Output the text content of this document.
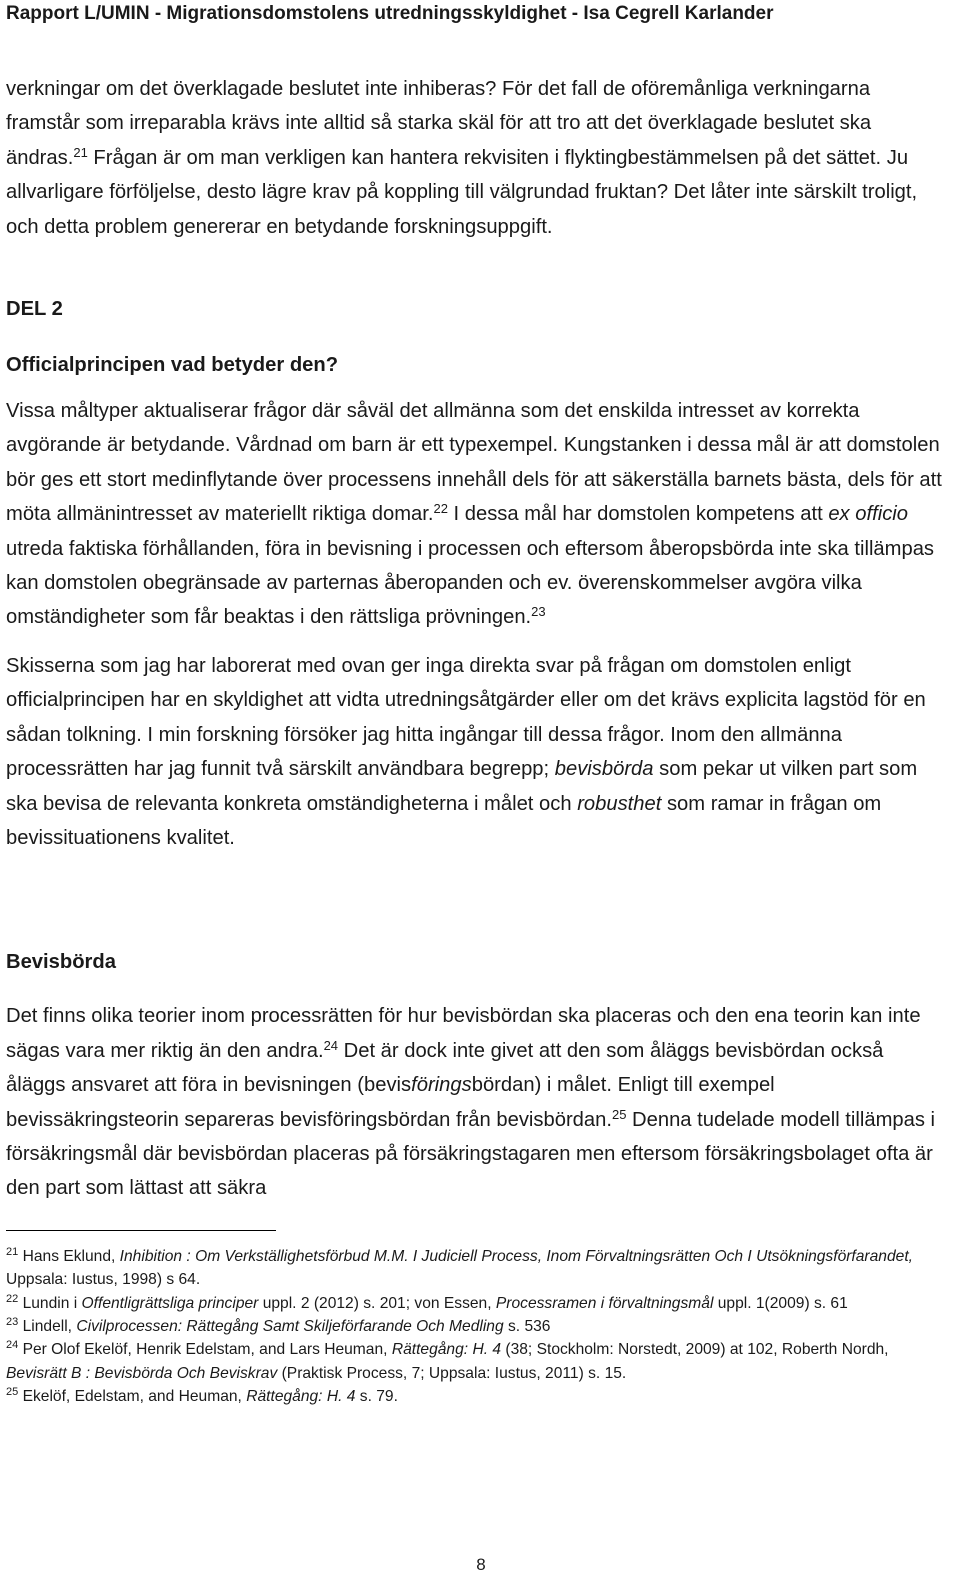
Rapport L/UMIN - Migrationsdomstolens utredningsskyldighet - Isa Cegrell Karlander

verkningar om det överklagade beslutet inte inhiberas? För det fall de oföremånliga verkningarna framstår som irreparabla krävs inte alltid så starka skäl för att tro att det överklagade beslutet ska ändras.$^{21}$ Frågan är om man verkligen kan hantera rekvisiten i flyktingbestämmelsen på det sättet. Ju allvarligare förföljelse, desto lägre krav på koppling till välgrundad fruktan? Det låter inte särskilt troligt, och detta problem genererar en betydande forskningsuppgift.

DEL 2

Officialprincipen vad betyder den?

Vissa måltyper aktualiserar frågor där såväl det allmänna som det enskilda intresset av korrekta avgörande är betydande. Vårdnad om barn är ett typexempel. Kungstanken i dessa mål är att domstolen bör ges ett stort medinflytande över processens innehåll dels för att säkerställa barnets bästa, dels för att möta allmänintresset av materiellt riktiga domar.$^{22}$ I dessa mål har domstolen kompetens att ex officio utreda faktiska förhållanden, föra in bevisning i processen och eftersom åberopsbörda inte ska tillämpas kan domstolen obegränsade av parternas åberopanden och ev. överenskommelser avgöra vilka omständigheter som får beaktas i den rättsliga prövningen.$^{23}$

Skisserna som jag har laborerat med ovan ger inga direkta svar på frågan om domstolen enligt officialprincipen har en skyldighet att vidta utredningsåtgärder eller om det krävs explicita lagstöd för en sådan tolkning. I min forskning försöker jag hitta ingångar till dessa frågor. Inom den allmänna processrätten har jag funnit två särskilt användbara begrepp; bevisbörda som pekar ut vilken part som ska bevisa de relevanta konkreta omständigheterna i målet och robusthet som ramar in frågan om bevissituationens kvalitet.

Bevisbörda

Det finns olika teorier inom processrätten för hur bevisbördan ska placeras och den ena teorin kan inte sägas vara mer riktig än den andra.$^{24}$ Det är dock inte givet att den som åläggs bevisbördan också åläggs ansvaret att föra in bevisningen (bevisföringsbördan) i målet. Enligt till exempel bevissäkringsteorin separeras bevisföringsbördan från bevisbördan.$^{25}$ Denna tudelade modell tillämpas i försäkringsmål där bevisbördan placeras på försäkringstagaren men eftersom försäkringsbolaget ofta är den part som lättast att säkra

$^{21}$ Hans Eklund, Inhibition : Om Verkställighetsförbud M.M. I Judiciell Process, Inom Förvaltningsrätten Och I Utsökningsförfarandet, Uppsala: Iustus, 1998) s 64.

$^{22}$ Lundin i Offentligrättsliga principer uppl. 2 (2012) s. 201; von Essen, Processramen i förvaltningsmål uppl. 1(2009) s. 61

$^{23}$ Lindell, Civilprocessen: Rättegång Samt Skiljeförfarande Och Medling s. 536

$^{24}$ Per Olof Ekelöf, Henrik Edelstam, and Lars Heuman, Rättegång: H. 4 (38; Stockholm: Norstedt, 2009) at 102, Roberth Nordh, Bevisrätt B : Bevisbörda Och Beviskrav (Praktisk Process, 7; Uppsala: Iustus, 2011) s. 15.

$^{25}$ Ekelöf, Edelstam, and Heuman, Rättegång: H. 4 s. 79.

8
